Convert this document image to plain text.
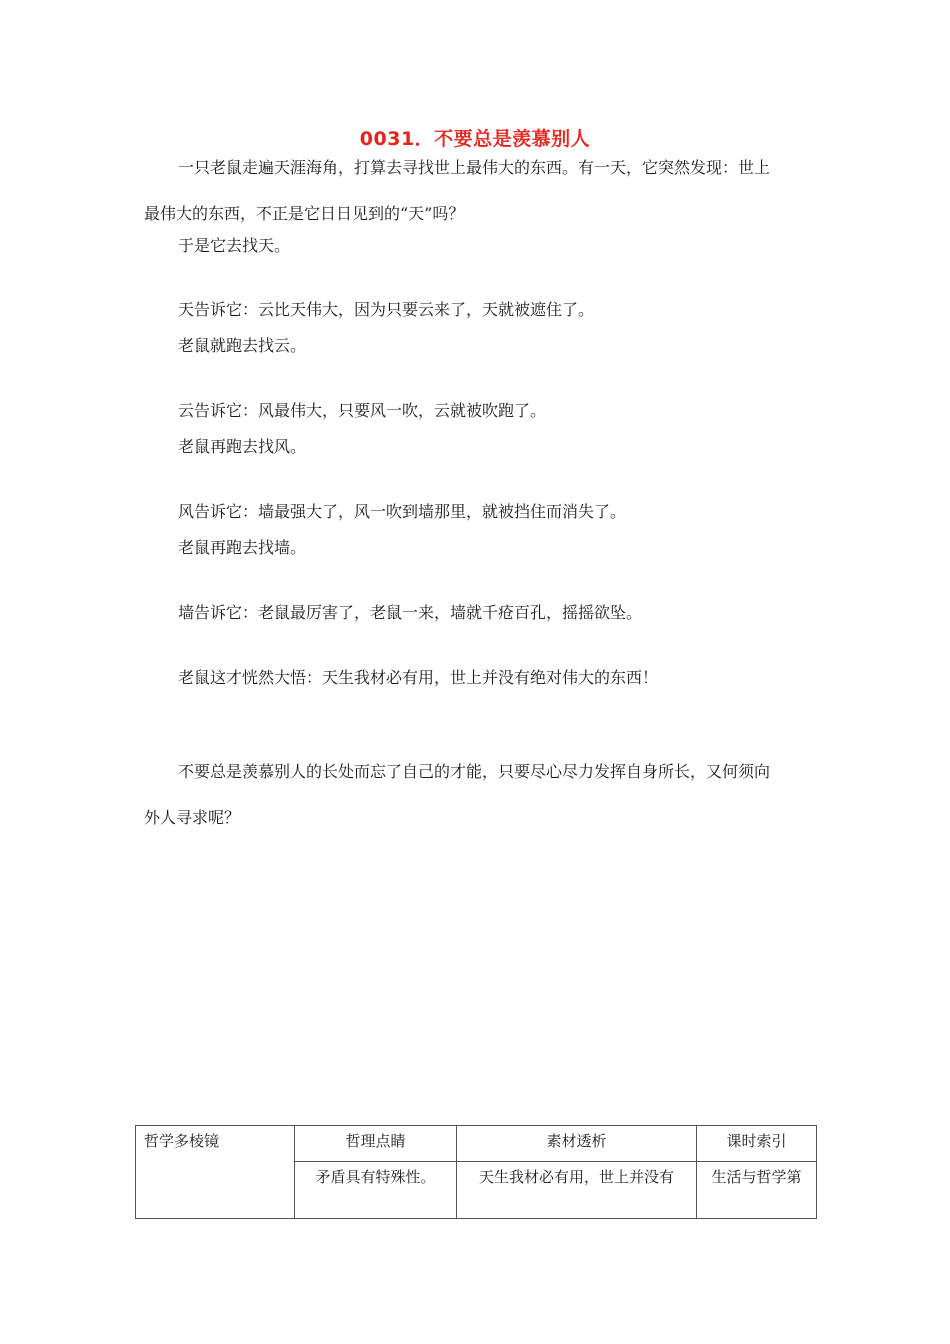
0031．不要总是羡慕别人
一只老鼠走遍天涯海角，打算去寻找世上最伟大的东西。有一天，它突然发现：世上
最伟大的东西，不正是它日日见到的“天”吗？
于是它去找天。
天告诉它：云比天伟大，因为只要云来了，天就被遮住了。
老鼠就跑去找云。
云告诉它：风最伟大，只要风一吹，云就被吹跑了。
老鼠再跑去找风。
风告诉它：墙最强大了，风一吹到墙那里，就被挡住而消失了。
老鼠再跑去找墙。
墙告诉它：老鼠最厉害了，老鼠一来，墙就千疮百孔，摇摇欲坠。
老鼠这才恍然大悟：天生我材必有用，世上并没有绝对伟大的东西！
不要总是羡慕别人的长处而忘了自己的才能，只要尽心尽力发挥自身所长，又何须向
外人寻求呢？
哲学多棱镜	哲理点睛	素材透析	课时索引
	矛盾具有特殊性。	天生我材必有用，世上并没有	生活与哲学第
